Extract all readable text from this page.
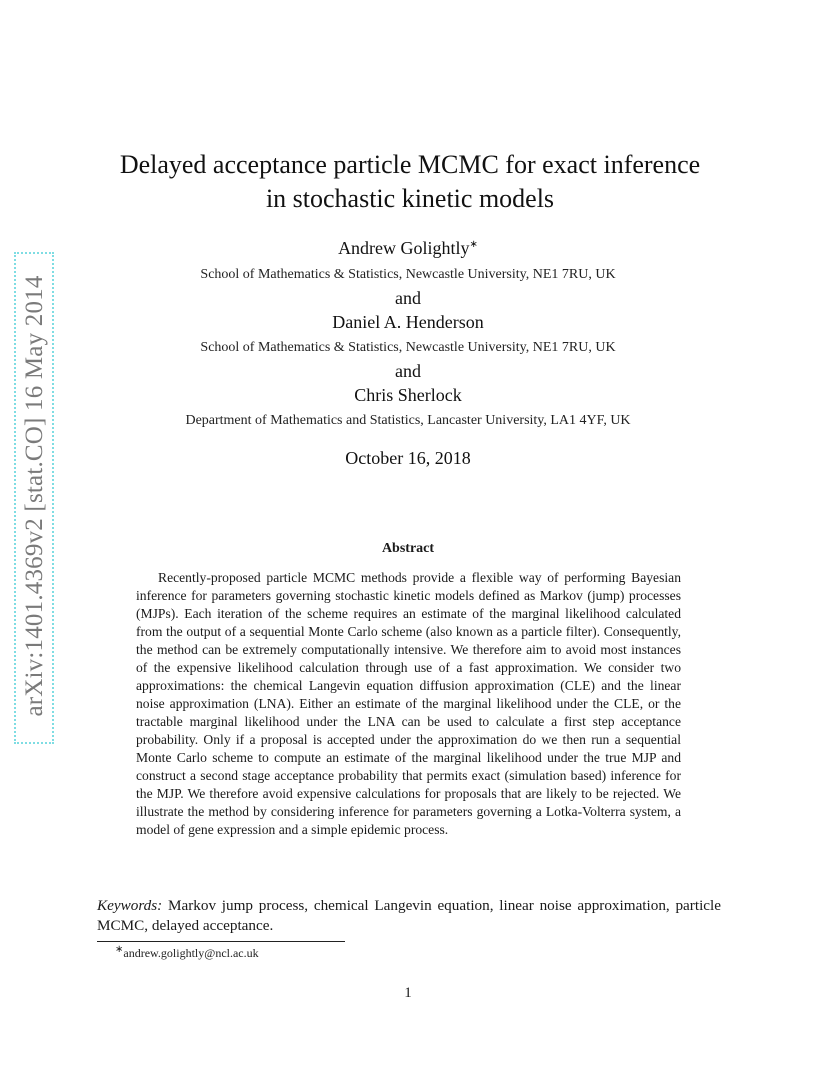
arXiv:1401.4369v2 [stat.CO] 16 May 2014
Delayed acceptance particle MCMC for exact inference
in stochastic kinetic models
Andrew Golightly∗
School of Mathematics & Statistics, Newcastle University, NE1 7RU, UK
and
Daniel A. Henderson
School of Mathematics & Statistics, Newcastle University, NE1 7RU, UK
and
Chris Sherlock
Department of Mathematics and Statistics, Lancaster University, LA1 4YF, UK
October 16, 2018
Abstract
Recently-proposed particle MCMC methods provide a flexible way of performing Bayesian inference for parameters governing stochastic kinetic models defined as Markov (jump) processes (MJPs). Each iteration of the scheme requires an estimate of the marginal likelihood calculated from the output of a sequential Monte Carlo scheme (also known as a particle filter). Consequently, the method can be extremely computationally intensive. We therefore aim to avoid most instances of the expensive likelihood calculation through use of a fast approximation. We consider two approximations: the chemical Langevin equation diffusion approximation (CLE) and the linear noise approximation (LNA). Either an estimate of the marginal likelihood under the CLE, or the tractable marginal likelihood under the LNA can be used to calculate a first step acceptance probability. Only if a proposal is accepted under the approximation do we then run a sequential Monte Carlo scheme to compute an estimate of the marginal likelihood under the true MJP and construct a second stage acceptance probability that permits exact (simulation based) inference for the MJP. We therefore avoid expensive calculations for proposals that are likely to be rejected. We illustrate the method by considering inference for parameters governing a Lotka-Volterra system, a model of gene expression and a simple epidemic process.
Keywords: Markov jump process, chemical Langevin equation, linear noise approximation, particle MCMC, delayed acceptance.
∗andrew.golightly@ncl.ac.uk
1
